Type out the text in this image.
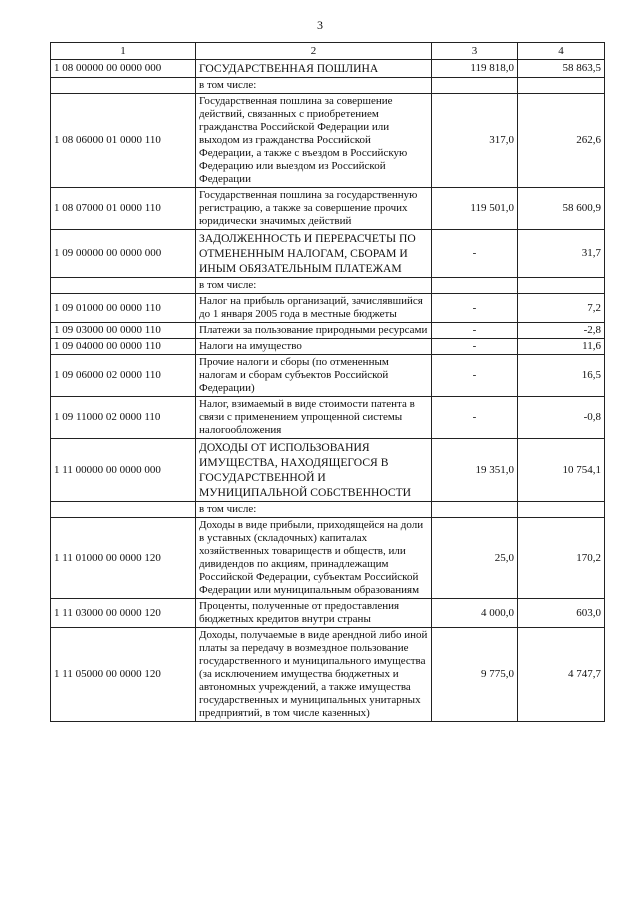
3
1	2	3	4
1 08 00000 00 0000 000	ГОСУДАРСТВЕННАЯ ПОШЛИНА	119 818,0	58 863,5
	в том числе:		
1 08 06000 01 0000 110	Государственная пошлина за совершение действий, связанных с приобретением гражданства Российской Федерации или выходом из гражданства Российской Федерации, а также с въездом в Российскую Федерацию или выездом из Российской Федерации	317,0	262,6
1 08 07000 01 0000 110	Государственная пошлина за государственную регистрацию, а также за совершение прочих юридически значимых действий	119 501,0	58 600,9
1 09 00000 00 0000 000	ЗАДОЛЖЕННОСТЬ И ПЕРЕРАСЧЕТЫ ПО ОТМЕНЕННЫМ НАЛОГАМ, СБОРАМ И ИНЫМ ОБЯЗАТЕЛЬНЫМ ПЛАТЕЖАМ	-	31,7
	в том числе:		
1 09 01000 00 0000 110	Налог на прибыль организаций, зачислявшийся до 1 января 2005 года в местные бюджеты	-	7,2
1 09 03000 00 0000 110	Платежи за пользование природными ресурсами	-	-2,8
1 09 04000 00 0000 110	Налоги на имущество	-	11,6
1 09 06000 02 0000 110	Прочие налоги и сборы (по отмененным налогам и сборам субъектов Российской Федерации)	-	16,5
1 09 11000 02 0000 110	Налог, взимаемый в виде стоимости патента в связи с применением упрощенной системы налогообложения	-	-0,8
1 11 00000 00 0000 000	ДОХОДЫ ОТ ИСПОЛЬЗОВАНИЯ ИМУЩЕСТВА, НАХОДЯЩЕГОСЯ В ГОСУДАРСТВЕННОЙ И МУНИЦИПАЛЬНОЙ СОБСТВЕННОСТИ	19 351,0	10 754,1
	в том числе:		
1 11 01000 00 0000 120	Доходы в виде прибыли, приходящейся на доли в уставных (складочных) капиталах хозяйственных товариществ и обществ, или дивидендов по акциям, принадлежащим Российской Федерации, субъектам Российской Федерации или муниципальным образованиям	25,0	170,2
1 11 03000 00 0000 120	Проценты, полученные от предоставления бюджетных кредитов внутри страны	4 000,0	603,0
1 11 05000 00 0000 120	Доходы, получаемые в виде арендной либо иной платы за передачу в возмездное пользование государственного и муниципального имущества (за исключением имущества бюджетных и автономных учреждений, а также имущества государственных и муниципальных унитарных предприятий, в том числе казенных)	9 775,0	4 747,7
